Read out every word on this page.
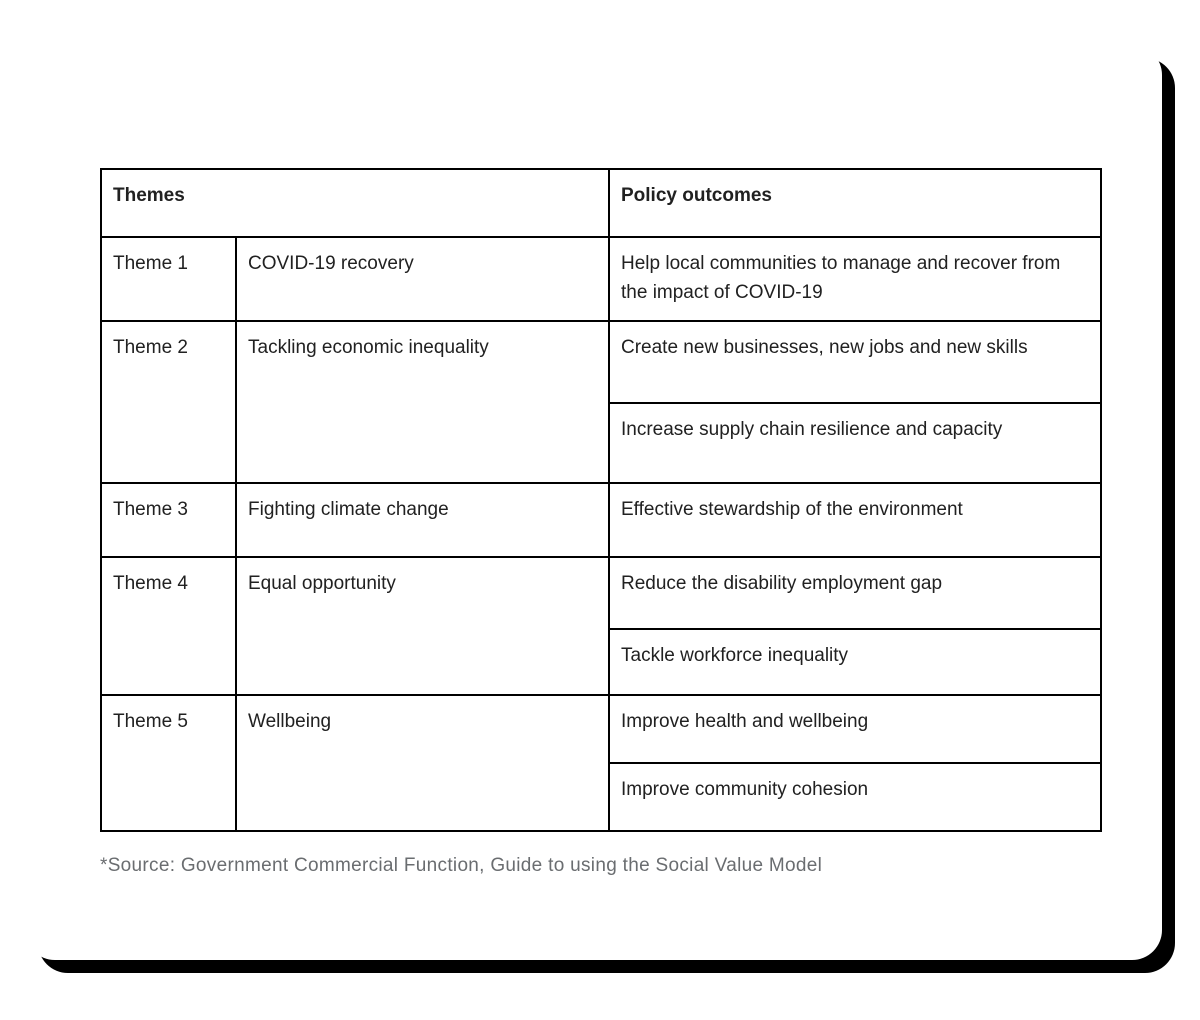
Themes		Policy outcomes
Theme 1	COVID-19 recovery	Help local communities to manage and recover from the impact of COVID-19
Theme 2	Tackling economic inequality	Create new businesses, new jobs and new skills
		Increase supply chain resilience and capacity
Theme 3	Fighting climate change	Effective stewardship of the environment
Theme 4	Equal opportunity	Reduce the disability employment gap
		Tackle workforce inequality
Theme 5	Wellbeing	Improve health and wellbeing
		Improve community cohesion
*Source: Government Commercial Function, Guide to using the Social Value Model
